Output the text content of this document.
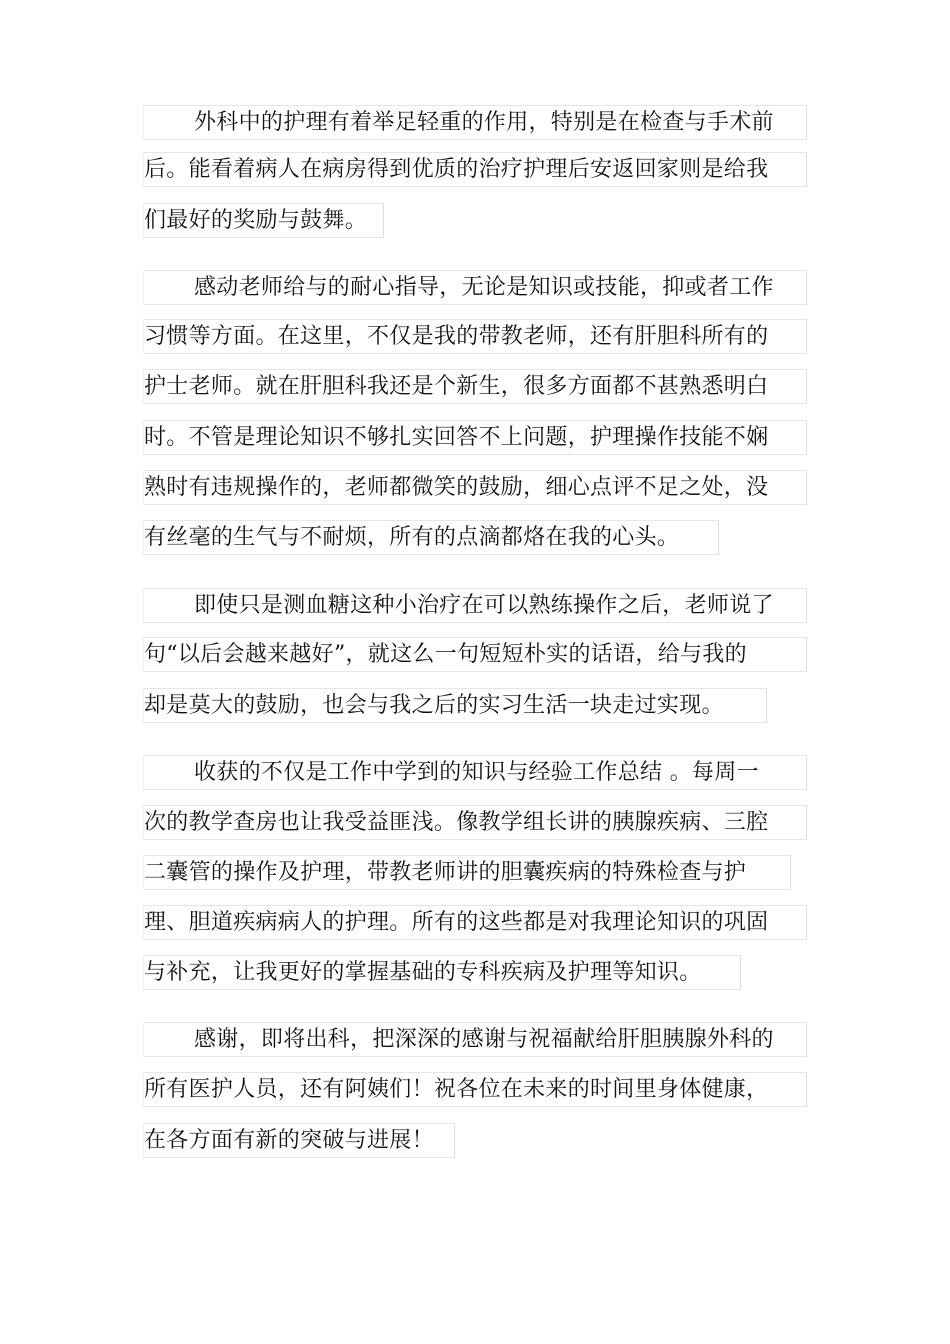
外科中的护理有着举足轻重的作用，特别是在检查与手术前
后。能看着病人在病房得到优质的治疗护理后安返回家则是给我
们最好的奖励与鼓舞。
感动老师给与的耐心指导，无论是知识或技能，抑或者工作
习惯等方面。在这里，不仅是我的带教老师，还有肝胆科所有的
护士老师。就在肝胆科我还是个新生，很多方面都不甚熟悉明白
时。不管是理论知识不够扎实回答不上问题，护理操作技能不娴
熟时有违规操作的，老师都微笑的鼓励，细心点评不足之处，没
有丝毫的生气与不耐烦，所有的点滴都烙在我的心头。
即使只是测血糖这种小治疗在可以熟练操作之后，老师说了
句“以后会越来越好”，就这么一句短短朴实的话语，给与我的
却是莫大的鼓励，也会与我之后的实习生活一块走过实现。
收获的不仅是工作中学到的知识与经验工作总结 。每周一
次的教学查房也让我受益匪浅。像教学组长讲的胰腺疾病、三腔
二囊管的操作及护理，带教老师讲的胆囊疾病的特殊检查与护
理、胆道疾病病人的护理。所有的这些都是对我理论知识的巩固
与补充，让我更好的掌握基础的专科疾病及护理等知识。
感谢，即将出科，把深深的感谢与祝福献给肝胆胰腺外科的
所有医护人员，还有阿姨们！祝各位在未来的时间里身体健康，
在各方面有新的突破与进展！
